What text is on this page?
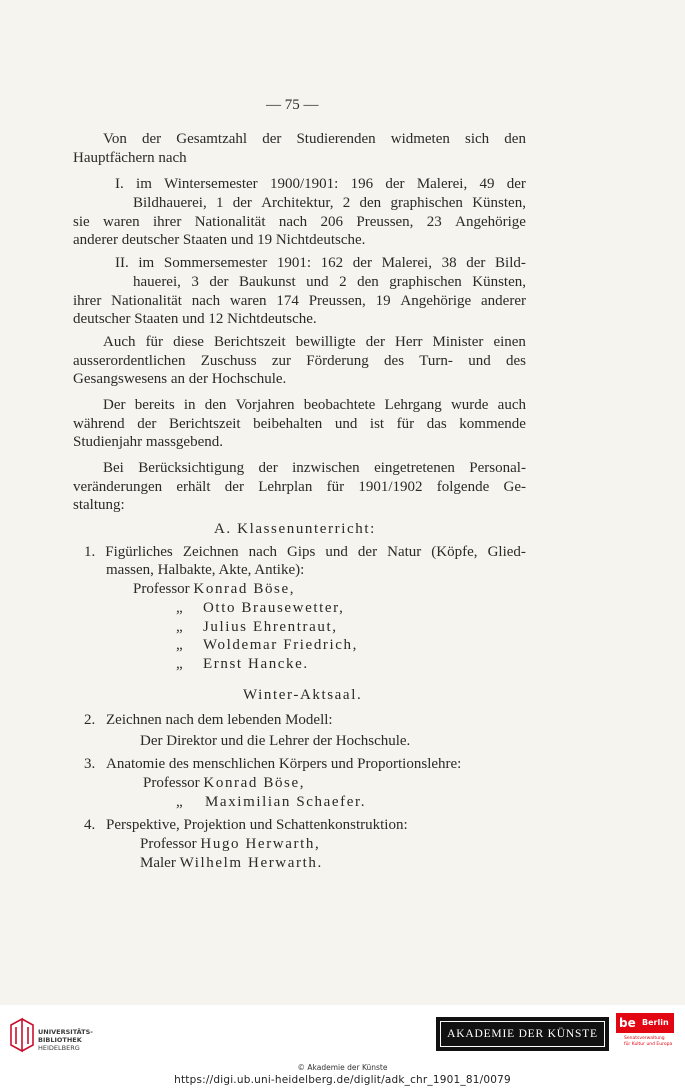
— 75 —
Von der Gesamtzahl der Studierenden widmeten sich den
Hauptfächern nach
I. im Wintersemester 1900/1901: 196 der Malerei, 49 der
Bildhauerei, 1 der Architektur, 2 den graphischen Künsten,
sie waren ihrer Nationalität nach 206 Preussen, 23 Angehörige
anderer deutscher Staaten und 19 Nichtdeutsche.
II. im Sommersemester 1901: 162 der Malerei, 38 der Bild-
hauerei, 3 der Baukunst und 2 den graphischen Künsten,
ihrer Nationalität nach waren 174 Preussen, 19 Angehörige anderer
deutscher Staaten und 12 Nichtdeutsche.
Auch für diese Berichtszeit bewilligte der Herr Minister einen
ausserordentlichen Zuschuss zur Förderung des Turn- und des
Gesangswesens an der Hochschule.
Der bereits in den Vorjahren beobachtete Lehrgang wurde auch
während der Berichtszeit beibehalten und ist für das kommende
Studienjahr massgebend.
Bei Berücksichtigung der inzwischen eingetretenen Personal-
veränderungen erhält der Lehrplan für 1901/1902 folgende Ge-
staltung:
A. Klassenunterricht:
1. Figürliches Zeichnen nach Gips und der Natur (Köpfe, Glied-
massen, Halbakte, Akte, Antike):
Professor Konrad Böse,
„ Otto Brausewetter,
„ Julius Ehrentraut,
„ Woldemar Friedrich,
„ Ernst Hancke.
Winter-Aktsaal.
2. Zeichnen nach dem lebenden Modell:
Der Direktor und die Lehrer der Hochschule.
3. Anatomie des menschlichen Körpers und Proportionslehre:
Professor Konrad Böse,
„ Maximilian Schaefer.
4. Perspektive, Projektion und Schattenkonstruktion:
Professor Hugo Herwarth,
Maler Wilhelm Herwarth.
UNIVERSITÄTS-
BIBLIOTHEK
HEIDELBERG
AKADEMIE DER KÜNSTE
be Berlin
Senatsverwaltung
für Kultur und Europa
© Akademie der Künste
https://digi.ub.uni-heidelberg.de/diglit/adk_chr_1901_81/0079
